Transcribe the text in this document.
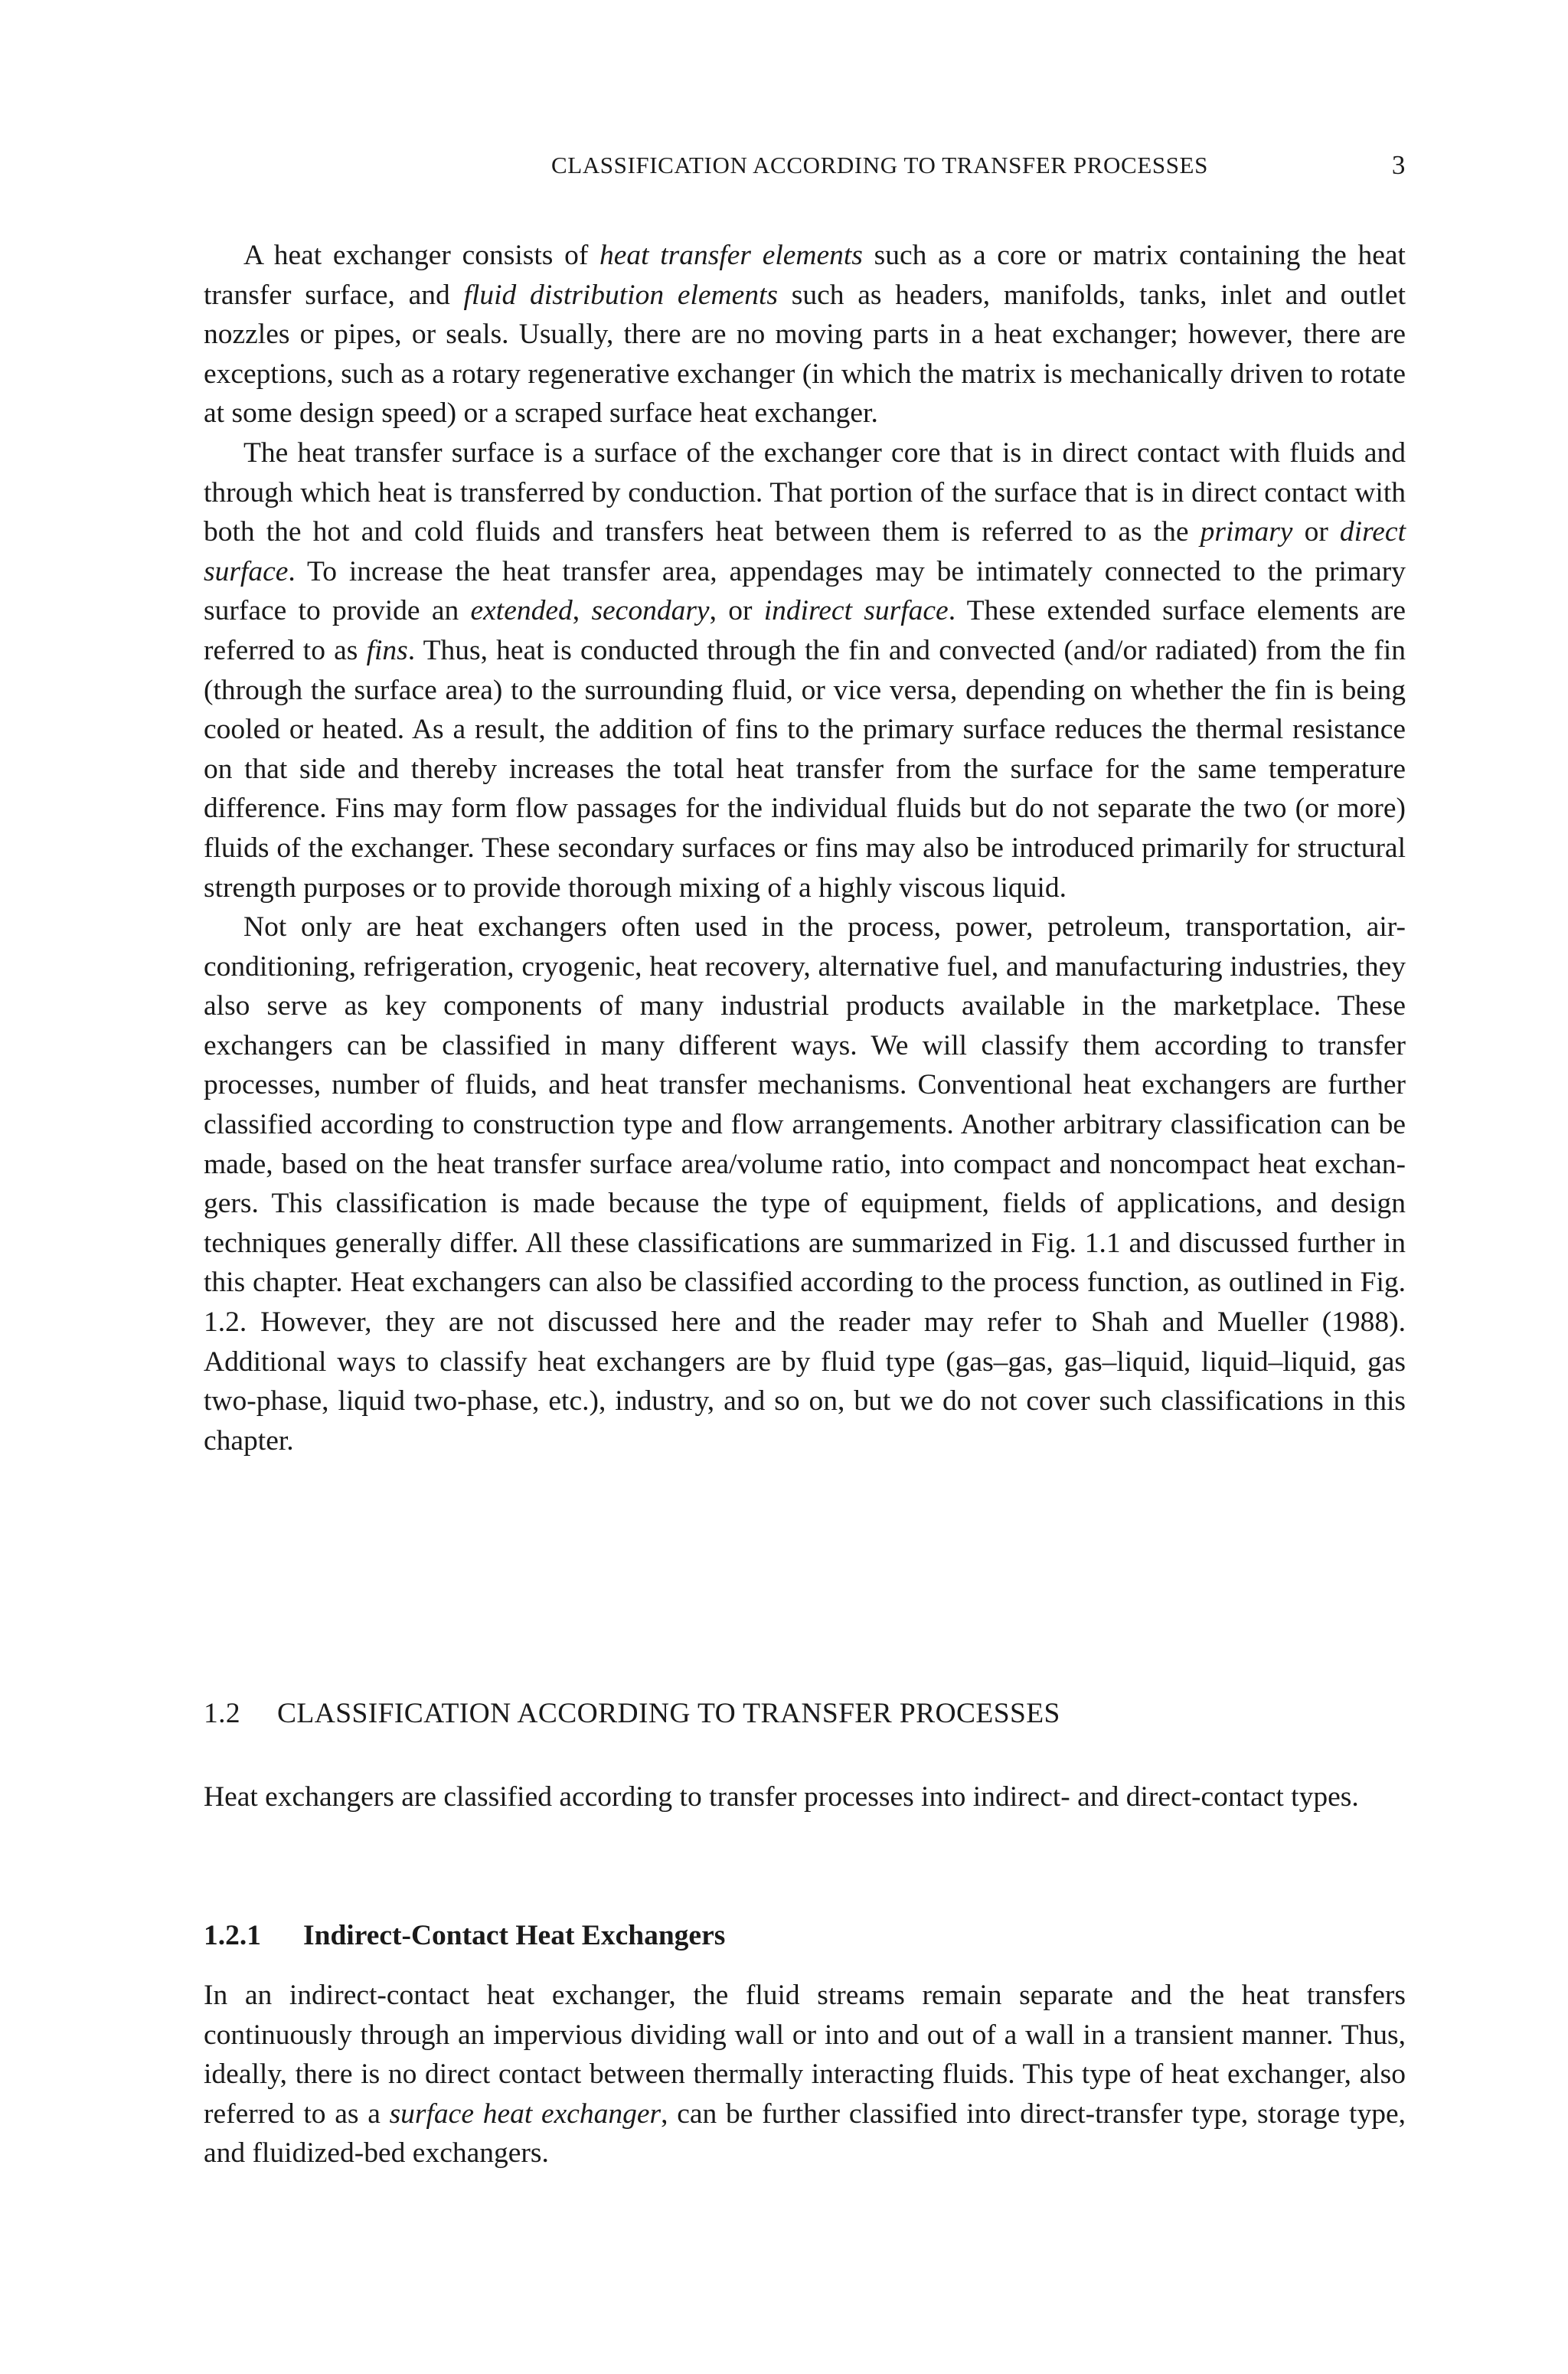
CLASSIFICATION ACCORDING TO TRANSFER PROCESSES	3

A heat exchanger consists of heat transfer elements such as a core or matrix containing the heat transfer surface, and fluid distribution elements such as headers, manifolds, tanks, inlet and outlet nozzles or pipes, or seals. Usually, there are no moving parts in a heat exchanger; however, there are exceptions, such as a rotary regenerative exchanger (in which the matrix is mechanically driven to rotate at some design speed) or a scraped surface heat exchanger.

The heat transfer surface is a surface of the exchanger core that is in direct contact with fluids and through which heat is transferred by conduction. That portion of the surface that is in direct contact with both the hot and cold fluids and transfers heat between them is referred to as the primary or direct surface. To increase the heat transfer area, appendages may be intimately connected to the primary surface to provide an extended, secondary, or indirect surface. These extended surface elements are referred to as fins. Thus, heat is conducted through the fin and convected (and/or radiated) from the fin (through the surface area) to the surrounding fluid, or vice versa, depending on whether the fin is being cooled or heated. As a result, the addition of fins to the primary surface reduces the thermal resistance on that side and thereby increases the total heat transfer from the surface for the same temperature difference. Fins may form flow passages for the individual fluids but do not separate the two (or more) fluids of the exchanger. These secondary surfaces or fins may also be introduced primarily for structural strength purposes or to provide thorough mixing of a highly viscous liquid.

Not only are heat exchangers often used in the process, power, petroleum, transportation, air-conditioning, refrigeration, cryogenic, heat recovery, alternative fuel, and manufacturing industries, they also serve as key components of many industrial products available in the marketplace. These exchangers can be classified in many different ways. We will classify them according to transfer processes, number of fluids, and heat transfer mechanisms. Conventional heat exchangers are further classified according to construction type and flow arrangements. Another arbitrary classification can be made, based on the heat transfer surface area/volume ratio, into compact and noncompact heat exchangers. This classification is made because the type of equipment, fields of applications, and design techniques generally differ. All these classifications are summarized in Fig. 1.1 and discussed further in this chapter. Heat exchangers can also be classified according to the process function, as outlined in Fig. 1.2. However, they are not discussed here and the reader may refer to Shah and Mueller (1988). Additional ways to classify heat exchangers are by fluid type (gas–gas, gas–liquid, liquid–liquid, gas two-phase, liquid two-phase, etc.), industry, and so on, but we do not cover such classifications in this chapter.

1.2 CLASSIFICATION ACCORDING TO TRANSFER PROCESSES

Heat exchangers are classified according to transfer processes into indirect- and direct-contact types.

1.2.1 Indirect-Contact Heat Exchangers

In an indirect-contact heat exchanger, the fluid streams remain separate and the heat transfers continuously through an impervious dividing wall or into and out of a wall in a transient manner. Thus, ideally, there is no direct contact between thermally interacting fluids. This type of heat exchanger, also referred to as a surface heat exchanger, can be further classified into direct-transfer type, storage type, and fluidized-bed exchangers.
